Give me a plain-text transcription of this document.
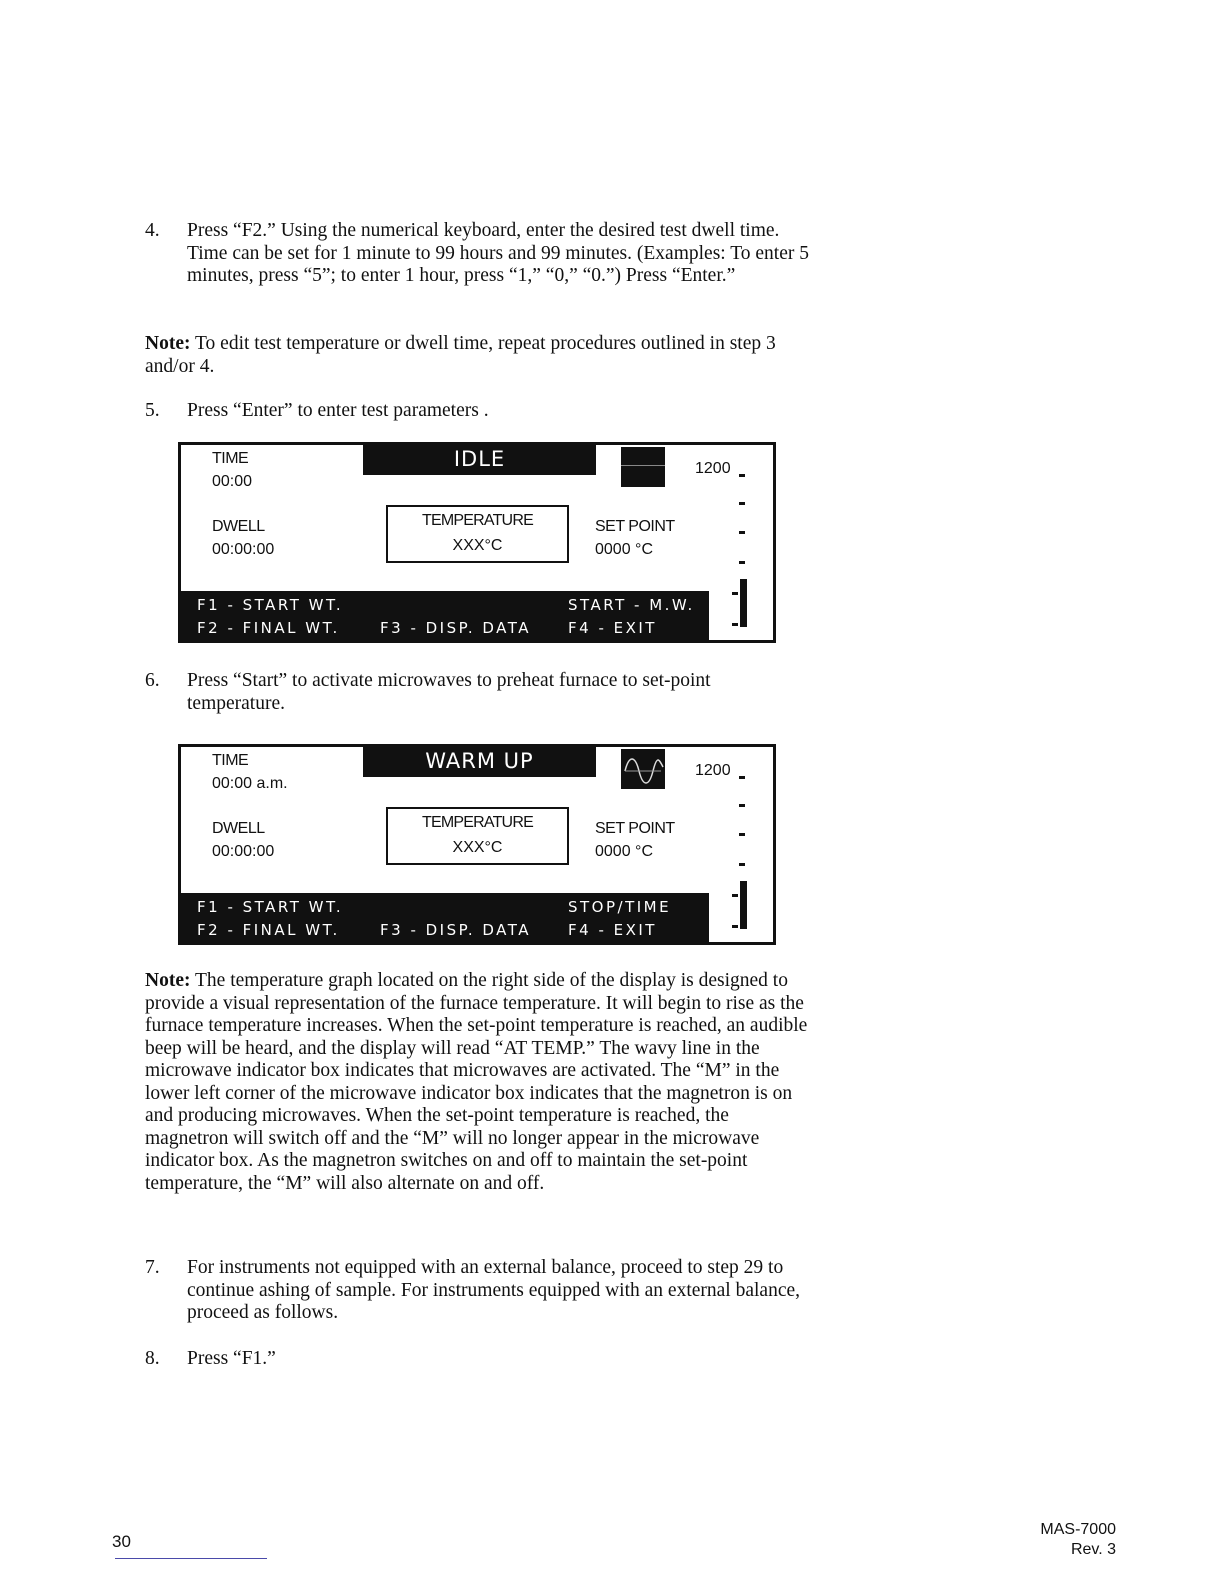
4. Press “F2.” Using the numerical keyboard, enter the desired test dwell time. Time can be set for 1 minute to 99 hours and 99 minutes. (Examples: To enter 5 minutes, press “5”; to enter 1 hour, press “1,” “0,” “0.”) Press “Enter.”
Note: To edit test temperature or dwell time, repeat procedures outlined in step 3 and/or 4.
5. Press “Enter” to enter test parameters .
TIME
00:00
IDLE	1200
DWELL
00:00:00
TEMPERATURE
XXX°C
SET POINT
0000 °C
F1 - START WT.	START - M.W.
F2 - FINAL WT.	F3 - DISP. DATA F4 - EXIT
6. Press “Start” to activate microwaves to preheat furnace to set-point temperature.
TIME
00:00 a.m.
WARM UP	1200
DWELL
00:00:00
TEMPERATURE
XXX°C
SET POINT
0000 °C
F1 - START WT.	STOP/TIME
F2 - FINAL WT.	F3 - DISP. DATA F4 - EXIT
Note: The temperature graph located on the right side of the display is designed to provide a visual representation of the furnace temperature. It will begin to rise as the furnace temperature increases. When the set-point temperature is reached, an audible beep will be heard, and the display will read “AT TEMP.” The wavy line in the microwave indicator box indicates that microwaves are activated. The “M” in the lower left corner of the microwave indicator box indicates that the magnetron is on and producing microwaves. When the set-point temperature is reached, the magnetron will switch off and the “M” will no longer appear in the microwave indicator box. As the magnetron switches on and off to maintain the set-point temperature, the “M” will also alternate on and off.
7. For instruments not equipped with an external balance, proceed to step 29 to continue ashing of sample. For instruments equipped with an external balance, proceed as follows.
8. Press “F1.”
30
MAS-7000
Rev. 3
